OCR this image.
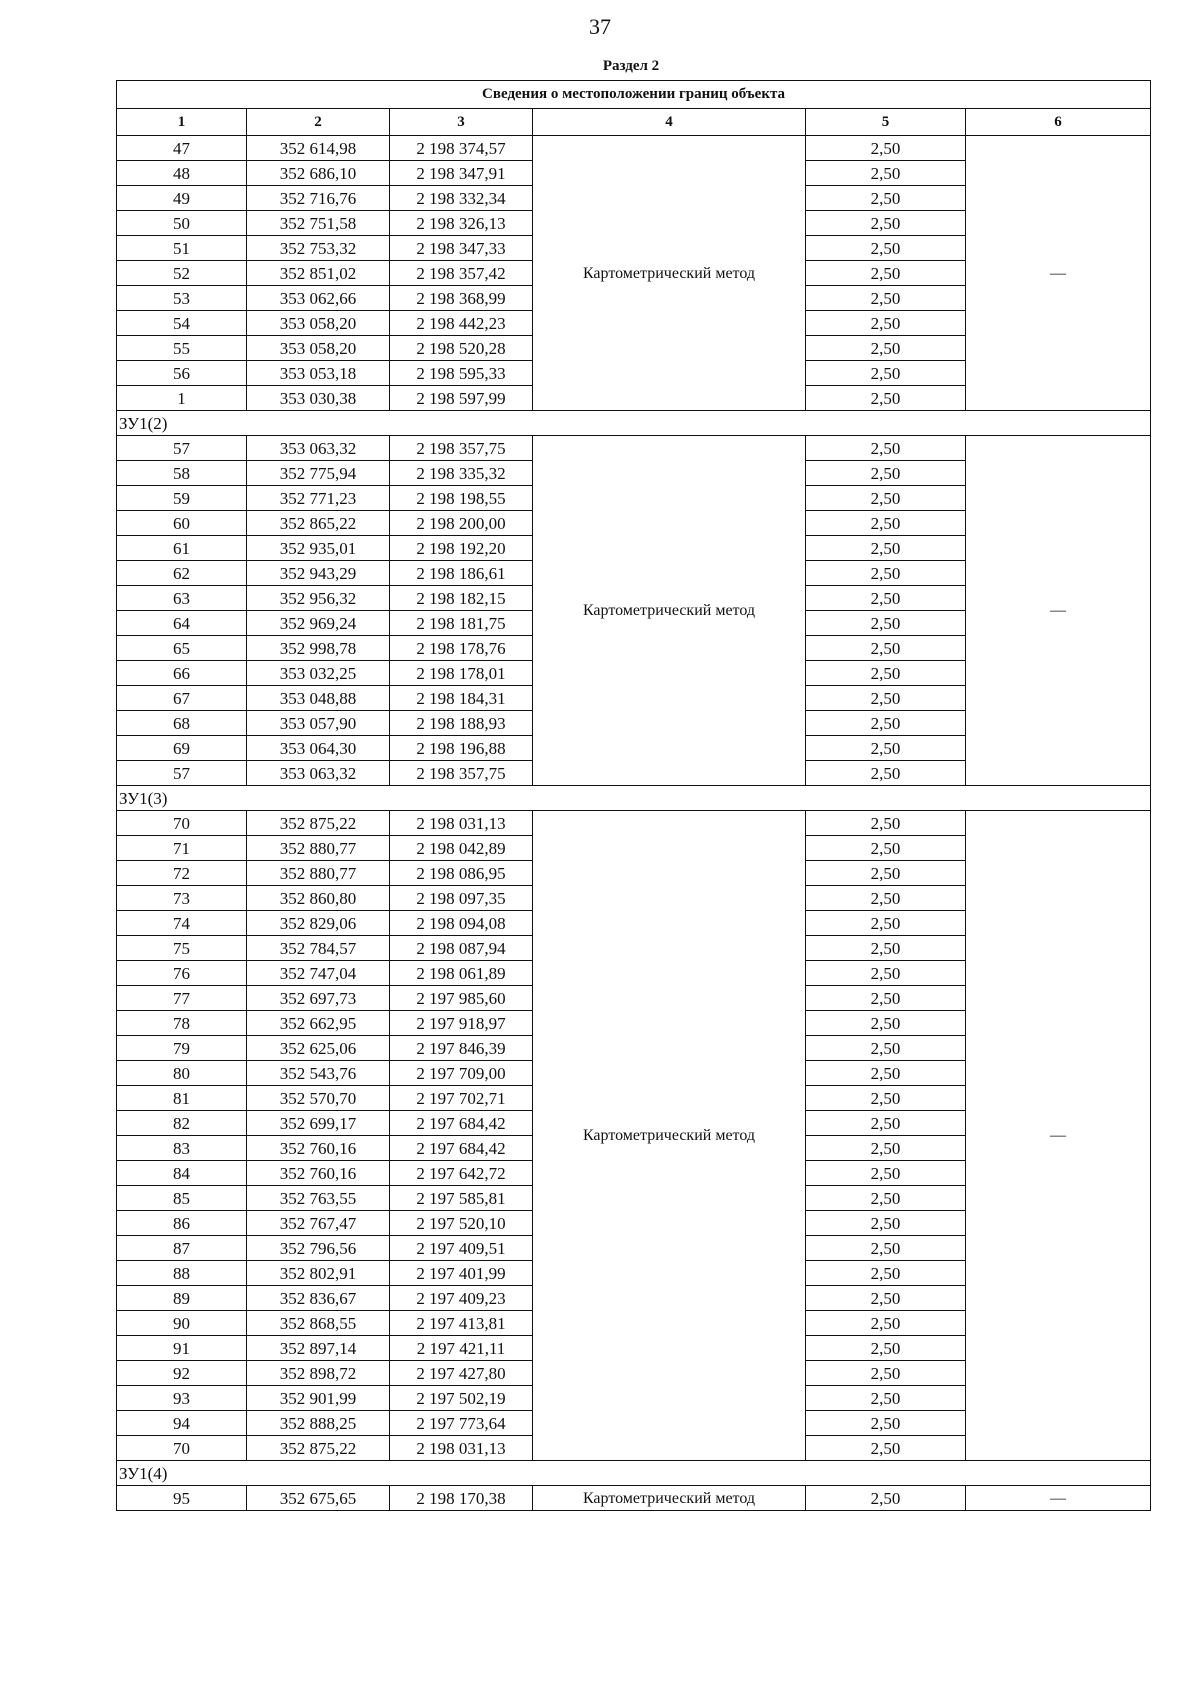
37
Раздел 2
Сведения о местоположении границ объекта					
1	2	3	4	5	6
47	352 614,98	2 198 374,57	Картометрический метод	2,50	—
48	352 686,10	2 198 347,91		2,50	
49	352 716,76	2 198 332,34		2,50	
50	352 751,58	2 198 326,13		2,50	
51	352 753,32	2 198 347,33		2,50	
52	352 851,02	2 198 357,42		2,50	
53	353 062,66	2 198 368,99		2,50	
54	353 058,20	2 198 442,23		2,50	
55	353 058,20	2 198 520,28		2,50	
56	353 053,18	2 198 595,33		2,50	
1	353 030,38	2 198 597,99		2,50	
ЗУ1(2)					
57	353 063,32	2 198 357,75	Картометрический метод	2,50	—
58	352 775,94	2 198 335,32		2,50	
59	352 771,23	2 198 198,55		2,50	
60	352 865,22	2 198 200,00		2,50	
61	352 935,01	2 198 192,20		2,50	
62	352 943,29	2 198 186,61		2,50	
63	352 956,32	2 198 182,15		2,50	
64	352 969,24	2 198 181,75		2,50	
65	352 998,78	2 198 178,76		2,50	
66	353 032,25	2 198 178,01		2,50	
67	353 048,88	2 198 184,31		2,50	
68	353 057,90	2 198 188,93		2,50	
69	353 064,30	2 198 196,88		2,50	
57	353 063,32	2 198 357,75		2,50	
ЗУ1(3)					
70	352 875,22	2 198 031,13	Картометрический метод	2,50	—
71	352 880,77	2 198 042,89		2,50	
72	352 880,77	2 198 086,95		2,50	
73	352 860,80	2 198 097,35		2,50	
74	352 829,06	2 198 094,08		2,50	
75	352 784,57	2 198 087,94		2,50	
76	352 747,04	2 198 061,89		2,50	
77	352 697,73	2 197 985,60		2,50	
78	352 662,95	2 197 918,97		2,50	
79	352 625,06	2 197 846,39		2,50	
80	352 543,76	2 197 709,00		2,50	
81	352 570,70	2 197 702,71		2,50	
82	352 699,17	2 197 684,42		2,50	
83	352 760,16	2 197 684,42		2,50	
84	352 760,16	2 197 642,72		2,50	
85	352 763,55	2 197 585,81		2,50	
86	352 767,47	2 197 520,10		2,50	
87	352 796,56	2 197 409,51		2,50	
88	352 802,91	2 197 401,99		2,50	
89	352 836,67	2 197 409,23		2,50	
90	352 868,55	2 197 413,81		2,50	
91	352 897,14	2 197 421,11		2,50	
92	352 898,72	2 197 427,80		2,50	
93	352 901,99	2 197 502,19		2,50	
94	352 888,25	2 197 773,64		2,50	
70	352 875,22	2 198 031,13		2,50	
ЗУ1(4)					
95	352 675,65	2 198 170,38	Картометрический метод	2,50	—
